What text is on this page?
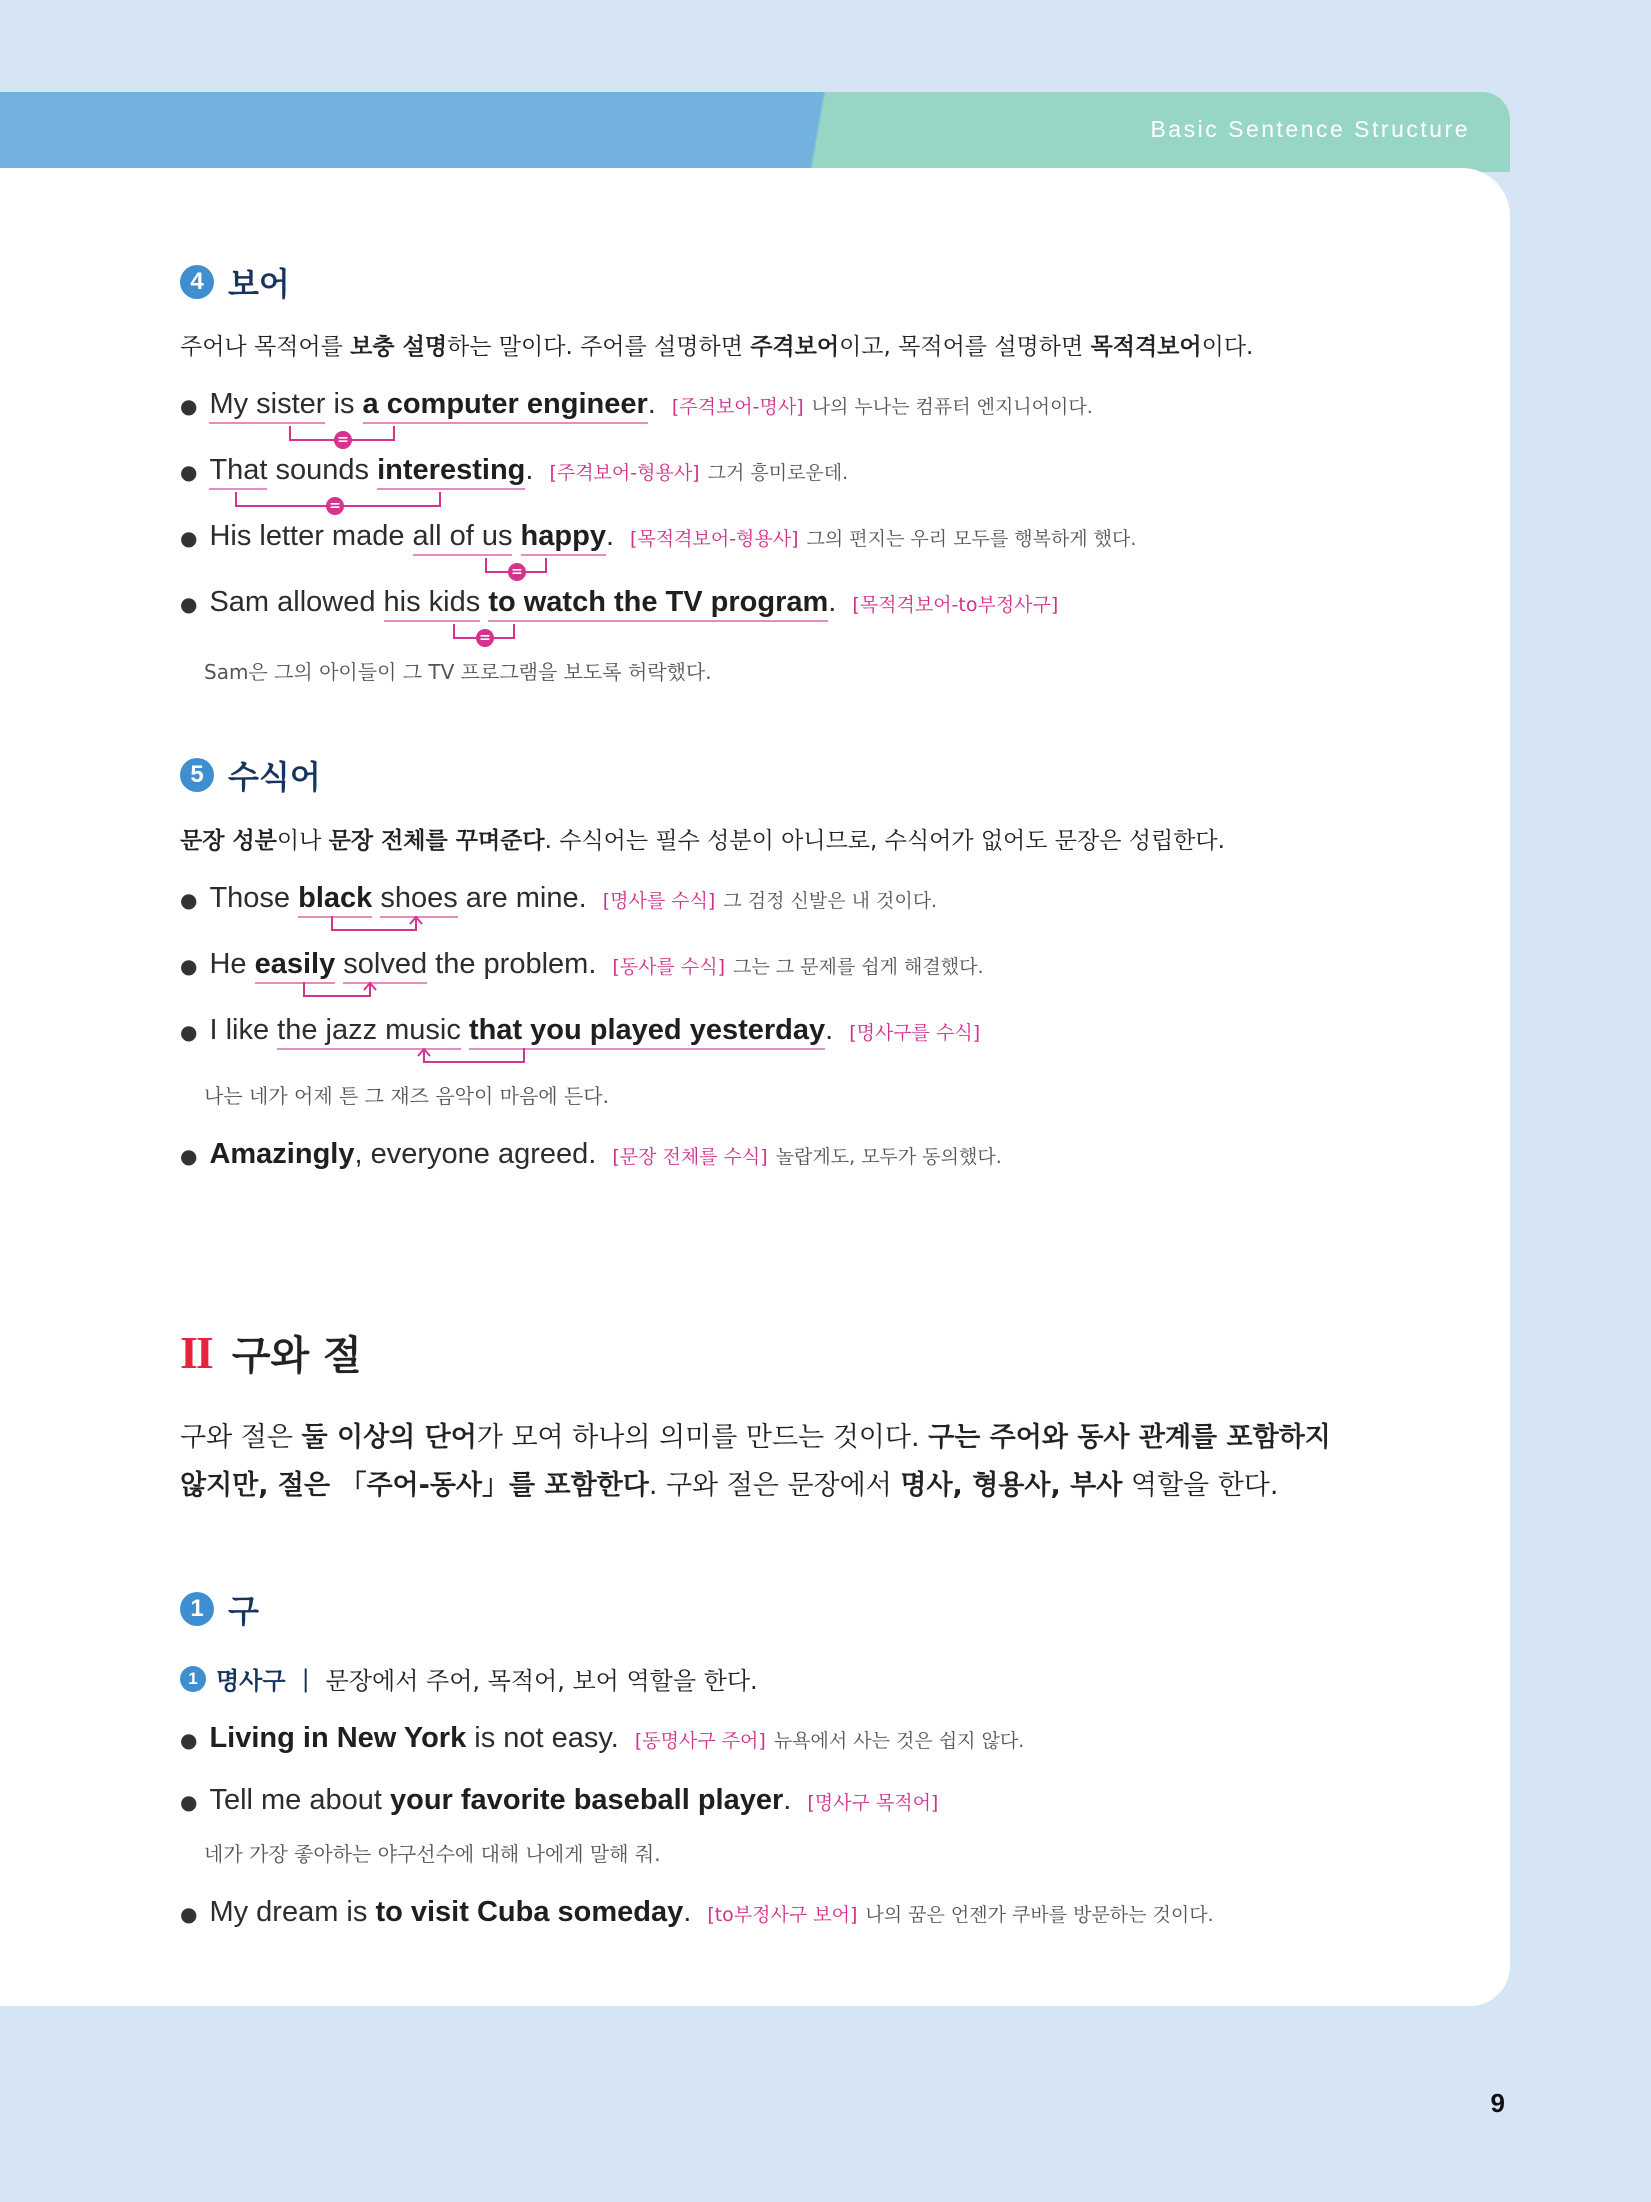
Basic Sentence Structure
4 보어
주어나 목적어를 보충 설명하는 말이다. 주어를 설명하면 주격보어이고, 목적어를 설명하면 목적격보어이다.
● My sister is a computer engineer. [주격보어-명사] 나의 누나는 컴퓨터 엔지니어이다.
=
● That sounds interesting. [주격보어-형용사] 그거 흥미로운데.
=
● His letter made all of us happy. [목적격보어-형용사] 그의 편지는 우리 모두를 행복하게 했다.
=
● Sam allowed his kids to watch the TV program. [목적격보어-to부정사구]
=
Sam은 그의 아이들이 그 TV 프로그램을 보도록 허락했다.
5 수식어
문장 성분이나 문장 전체를 꾸며준다. 수식어는 필수 성분이 아니므로, 수식어가 없어도 문장은 성립한다.
● Those black shoes are mine. [명사를 수식] 그 검정 신발은 내 것이다.
● He easily solved the problem. [동사를 수식] 그는 그 문제를 쉽게 해결했다.
● I like the jazz music that you played yesterday. [명사구를 수식]
나는 네가 어제 튼 그 재즈 음악이 마음에 든다.
● Amazingly, everyone agreed. [문장 전체를 수식] 놀랍게도, 모두가 동의했다.
II 구와 절
구와 절은 둘 이상의 단어가 모여 하나의 의미를 만드는 것이다. 구는 주어와 동사 관계를 포함하지
않지만, 절은 「주어-동사」를 포함한다. 구와 절은 문장에서 명사, 형용사, 부사 역할을 한다.
1 구
1 명사구 | 문장에서 주어, 목적어, 보어 역할을 한다.
● Living in New York is not easy. [동명사구 주어] 뉴욕에서 사는 것은 쉽지 않다.
● Tell me about your favorite baseball player. [명사구 목적어]
네가 가장 좋아하는 야구선수에 대해 나에게 말해 줘.
● My dream is to visit Cuba someday. [to부정사구 보어] 나의 꿈은 언젠가 쿠바를 방문하는 것이다.
9
